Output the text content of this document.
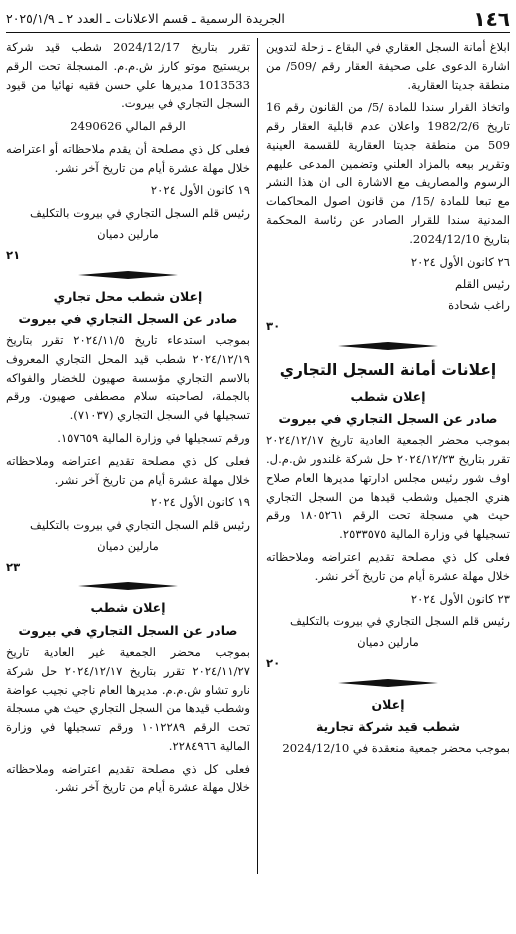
١٤٦
الجريدة الرسمية ـ قسم الاعلانات ـ العدد ٢ ـ ٢٠٢٥/١/٩

ابلاغ أمانة السجل العقاري في البقاع ـ زحلة لتدوين اشارة الدعوى على صحيفة العقار رقم /509/ من منطقة جديتا العقارية.

واتخاذ القرار سندا للمادة /5/ من القانون رقم 16 تاريخ 1982/2/6 واعلان عدم قابلية العقار رقم 509 من منطقة جديتا العقارية للقسمة العينية وتقرير بيعه بالمزاد العلني وتضمين المدعى عليهم الرسوم والمصاريف مع الاشارة الى ان هذا النشر مع تبعا للمادة /15/ من قانون اصول المحاكمات المدنية سندا للقرار الصادر عن رئاسة المحكمة بتاريخ 2024/12/10.

٢٦ كانون الأول ٢٠٢٤

رئيس القلم

راغب شحادة

٣٠

إعلانات أمانة السجل التجاري

إعلان شطب

صادر عن السجل التجاري في بيروت

بموجب محضر الجمعية العادية تاريخ ٢٠٢٤/١٢/١٧ تقرر بتاريخ ٢٠٢٤/١٢/٢٣ حل شركة غلندور ش.م.ل. اوف شور رئيس مجلس ادارتها مديرها العام صلاح هنري الجميل وشطب قيدها من السجل التجاري حيث هي مسجلة تحت الرقم ١٨٠٥٢٦١ ورقم تسجيلها في وزارة المالية ٢٥٣٣٥٧٥.

فعلى كل ذي مصلحة تقديم اعتراضه وملاحظاته خلال مهلة عشرة أيام من تاريخ آخر نشر.

٢٣ كانون الأول ٢٠٢٤

رئيس قلم السجل التجاري في بيروت بالتكليف

مارلين دميان

٢٠

إعلان

شطب قيد شركة تجارية

بموجب محضر جمعية منعقدة في 2024/12/10

تقرر بتاريخ 2024/12/17 شطب قيد شركة بريستيج موتو كارز ش.م.م. المسجلة تحت الرقم 1013533 مديرها علي حسن فقيه نهائيا من قيود السجل التجاري في بيروت.

الرقم المالي 2490626

فعلى كل ذي مصلحة أن يقدم ملاحظاته أو اعتراضه خلال مهلة عشرة أيام من تاريخ آخر نشر.

١٩ كانون الأول ٢٠٢٤

رئيس قلم السجل التجاري في بيروت بالتكليف

مارلين دميان

٢١

إعلان شطب محل تجاري

صادر عن السجل التجاري في بيروت

بموجب استدعاء تاريخ ٢٠٢٤/١١/٥ تقرر بتاريخ ٢٠٢٤/١٢/١٩ شطب قيد المحل التجاري المعروف بالاسم التجاري مؤسسة صهيون للخضار والفواكه بالجملة، لصاحبته سلام مصطفى صهيون. ورقم تسجيلها في السجل التجاري (٧١٠٣٧).

ورقم تسجيلها في وزارة المالية ١٥٧٦٥٩.

فعلى كل ذي مصلحة تقديم اعتراضه وملاحظاته خلال مهلة عشرة أيام من تاريخ آخر نشر.

١٩ كانون الأول ٢٠٢٤

رئيس قلم السجل التجاري في بيروت بالتكليف

مارلين دميان

٢٣

إعلان شطب

صادر عن السجل التجاري في بيروت

بموجب محضر الجمعية غير العادية تاريخ ٢٠٢٤/١١/٢٧ تقرر بتاريخ ٢٠٢٤/١٢/١٧ حل شركة نارو تشاو ش.م.م. مديرها العام ناجي نجيب عواضة وشطب قيدها من السجل التجاري حيث هي مسجلة تحت الرقم ١٠١٢٢٨٩ ورقم تسجيلها في وزارة المالية ٢٢٨٤٩٦٦.

فعلى كل ذي مصلحة تقديم اعتراضه وملاحظاته خلال مهلة عشرة أيام من تاريخ آخر نشر.
